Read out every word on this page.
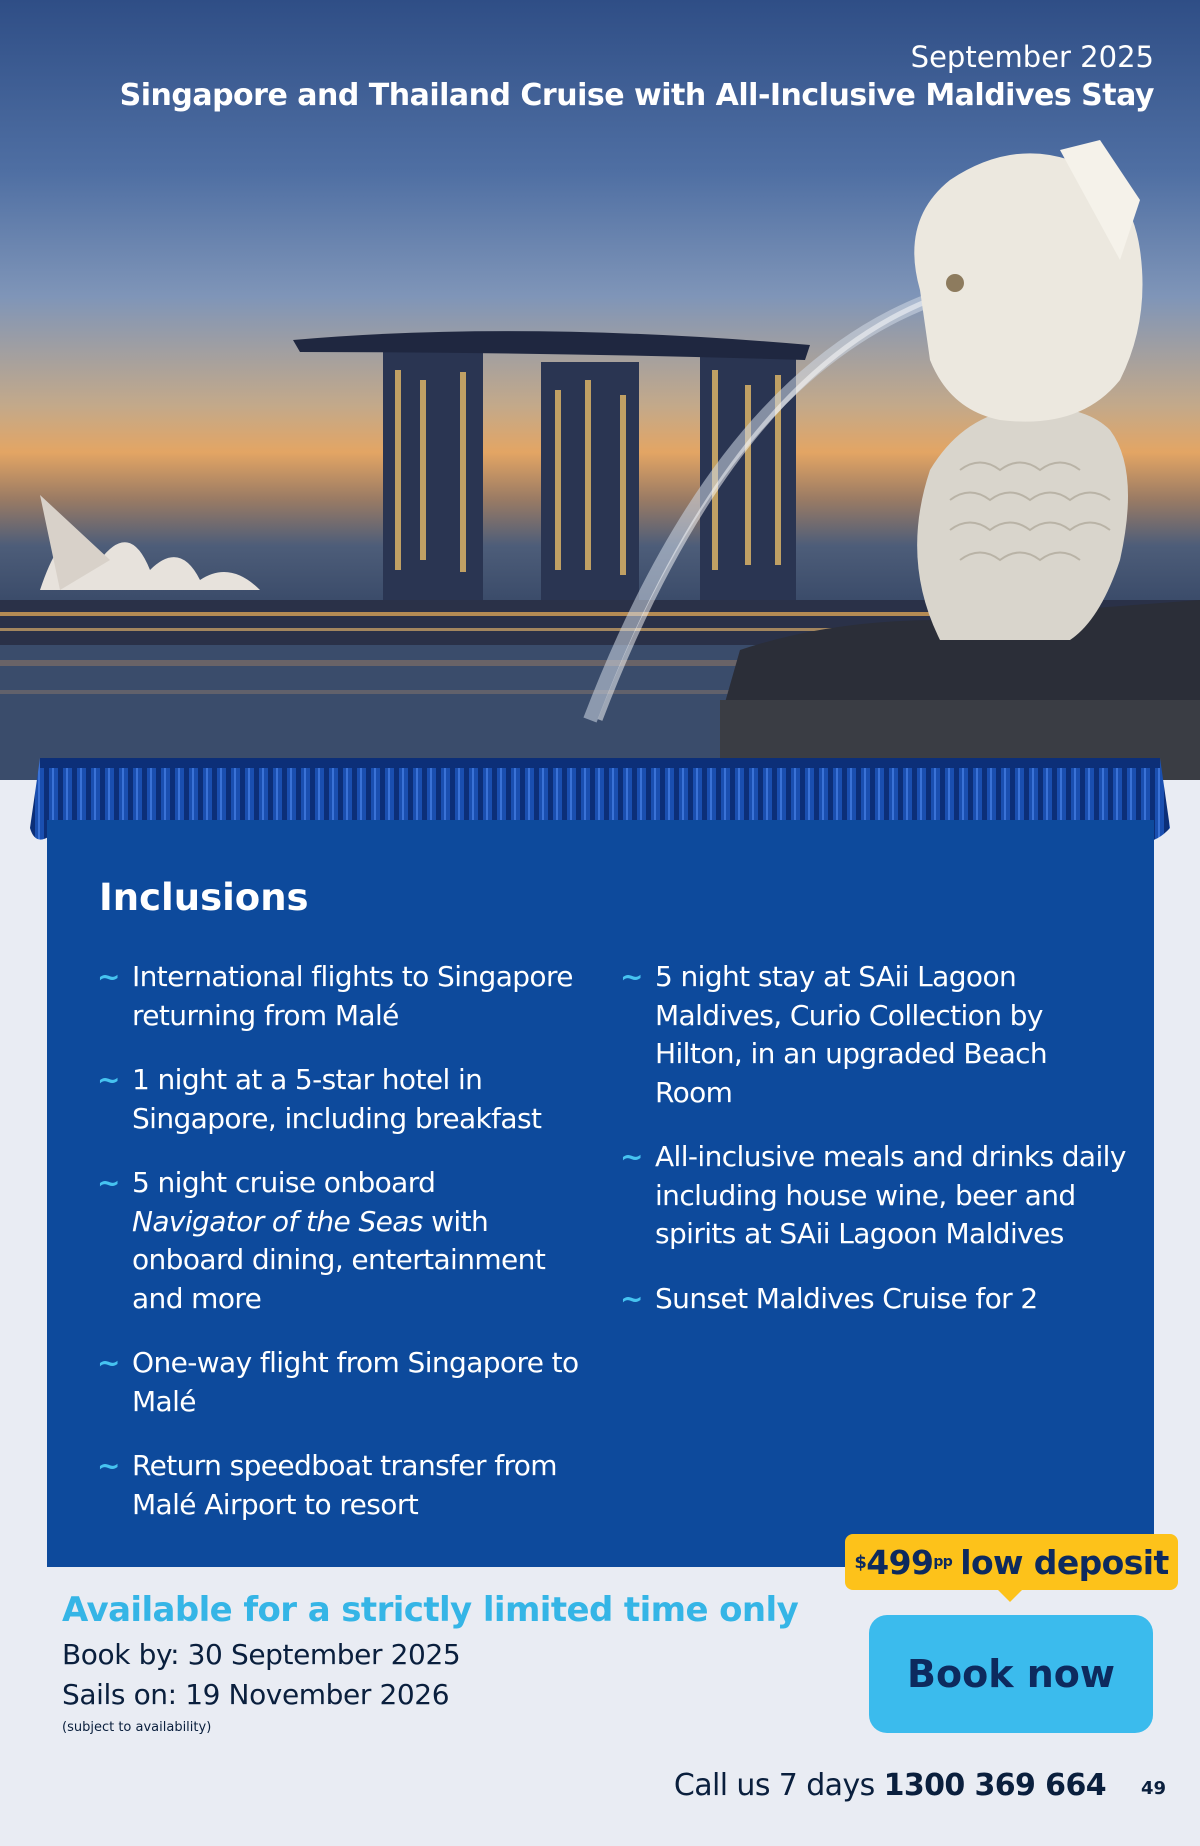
September 2025
Singapore and Thailand Cruise with All-Inclusive Maldives Stay
Inclusions
~ International flights to Singapore returning from Malé
~ 1 night at a 5-star hotel in Singapore, including breakfast
~ 5 night cruise onboard
Navigator of the Seas with onboard dining, entertainment and more
~ One-way flight from Singapore to Malé
~ Return speedboat transfer from Malé Airport to resort
~ 5 night stay at SAii Lagoon Maldives, Curio Collection by Hilton, in an upgraded Beach Room
~ All-inclusive meals and drinks daily including house wine, beer and spirits at SAii Lagoon Maldives
~ Sunset Maldives Cruise for 2
Available for a strictly limited time only
Book by: 30 September 2025
Sails on: 19 November 2026
(subject to availability)
$ 499 pp low deposit
Book now
Call us 7 days 1300 369 664 49
